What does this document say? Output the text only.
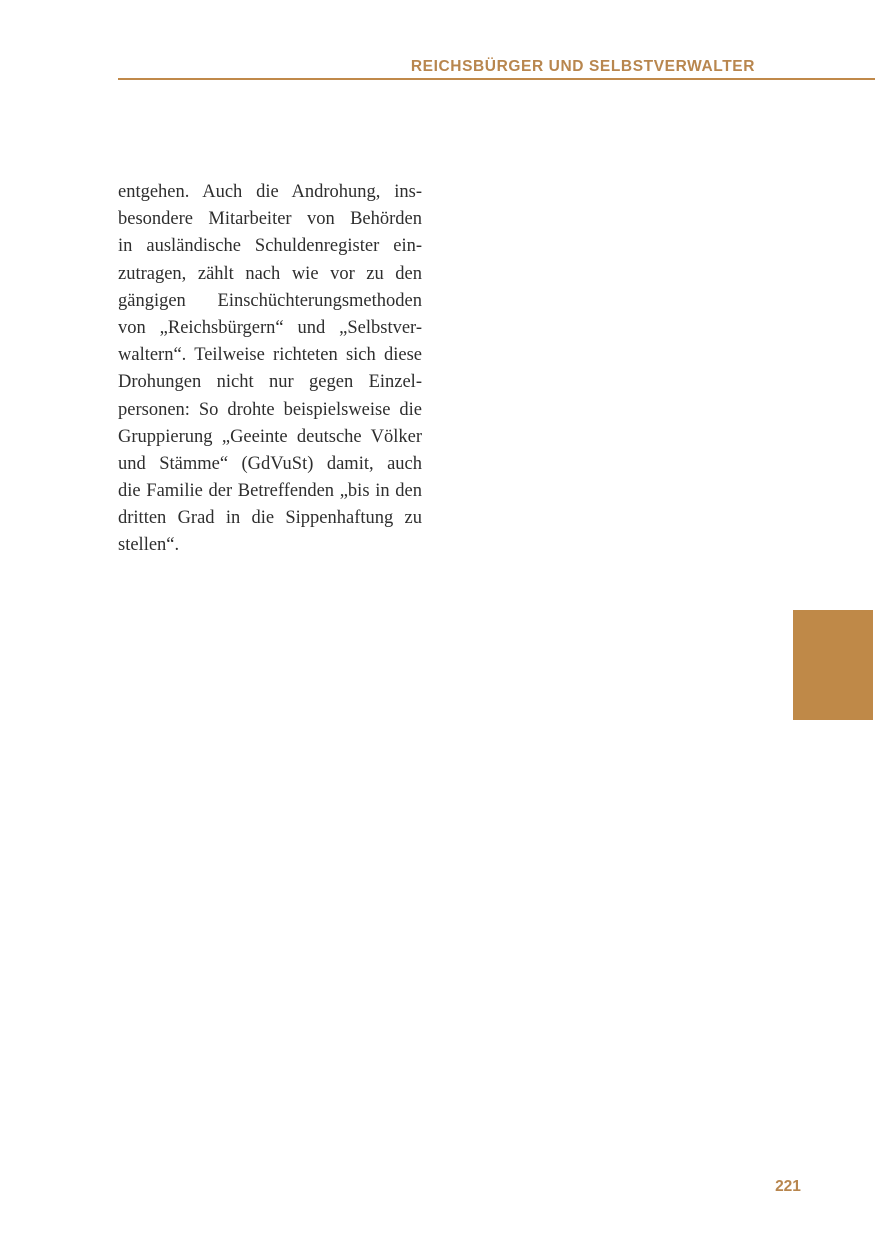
REICHSBÜRGER UND SELBSTVERWALTER
entgehen. Auch die Androhung, ins-
besondere Mitarbeiter von Behörden
in ausländische Schuldenregister ein-
zutragen, zählt nach wie vor zu den
gängigen Einschüchterungsmethoden
von „Reichsbürgern“ und „Selbstver-
waltern“. Teilweise richteten sich diese
Drohungen nicht nur gegen Einzel-
personen: So drohte beispielsweise die
Gruppierung „Geeinte deutsche Völker
und Stämme“ (GdVuSt) damit, auch
die Familie der Betreffenden „bis in den
dritten Grad in die Sippenhaftung zu
stellen“.
221
